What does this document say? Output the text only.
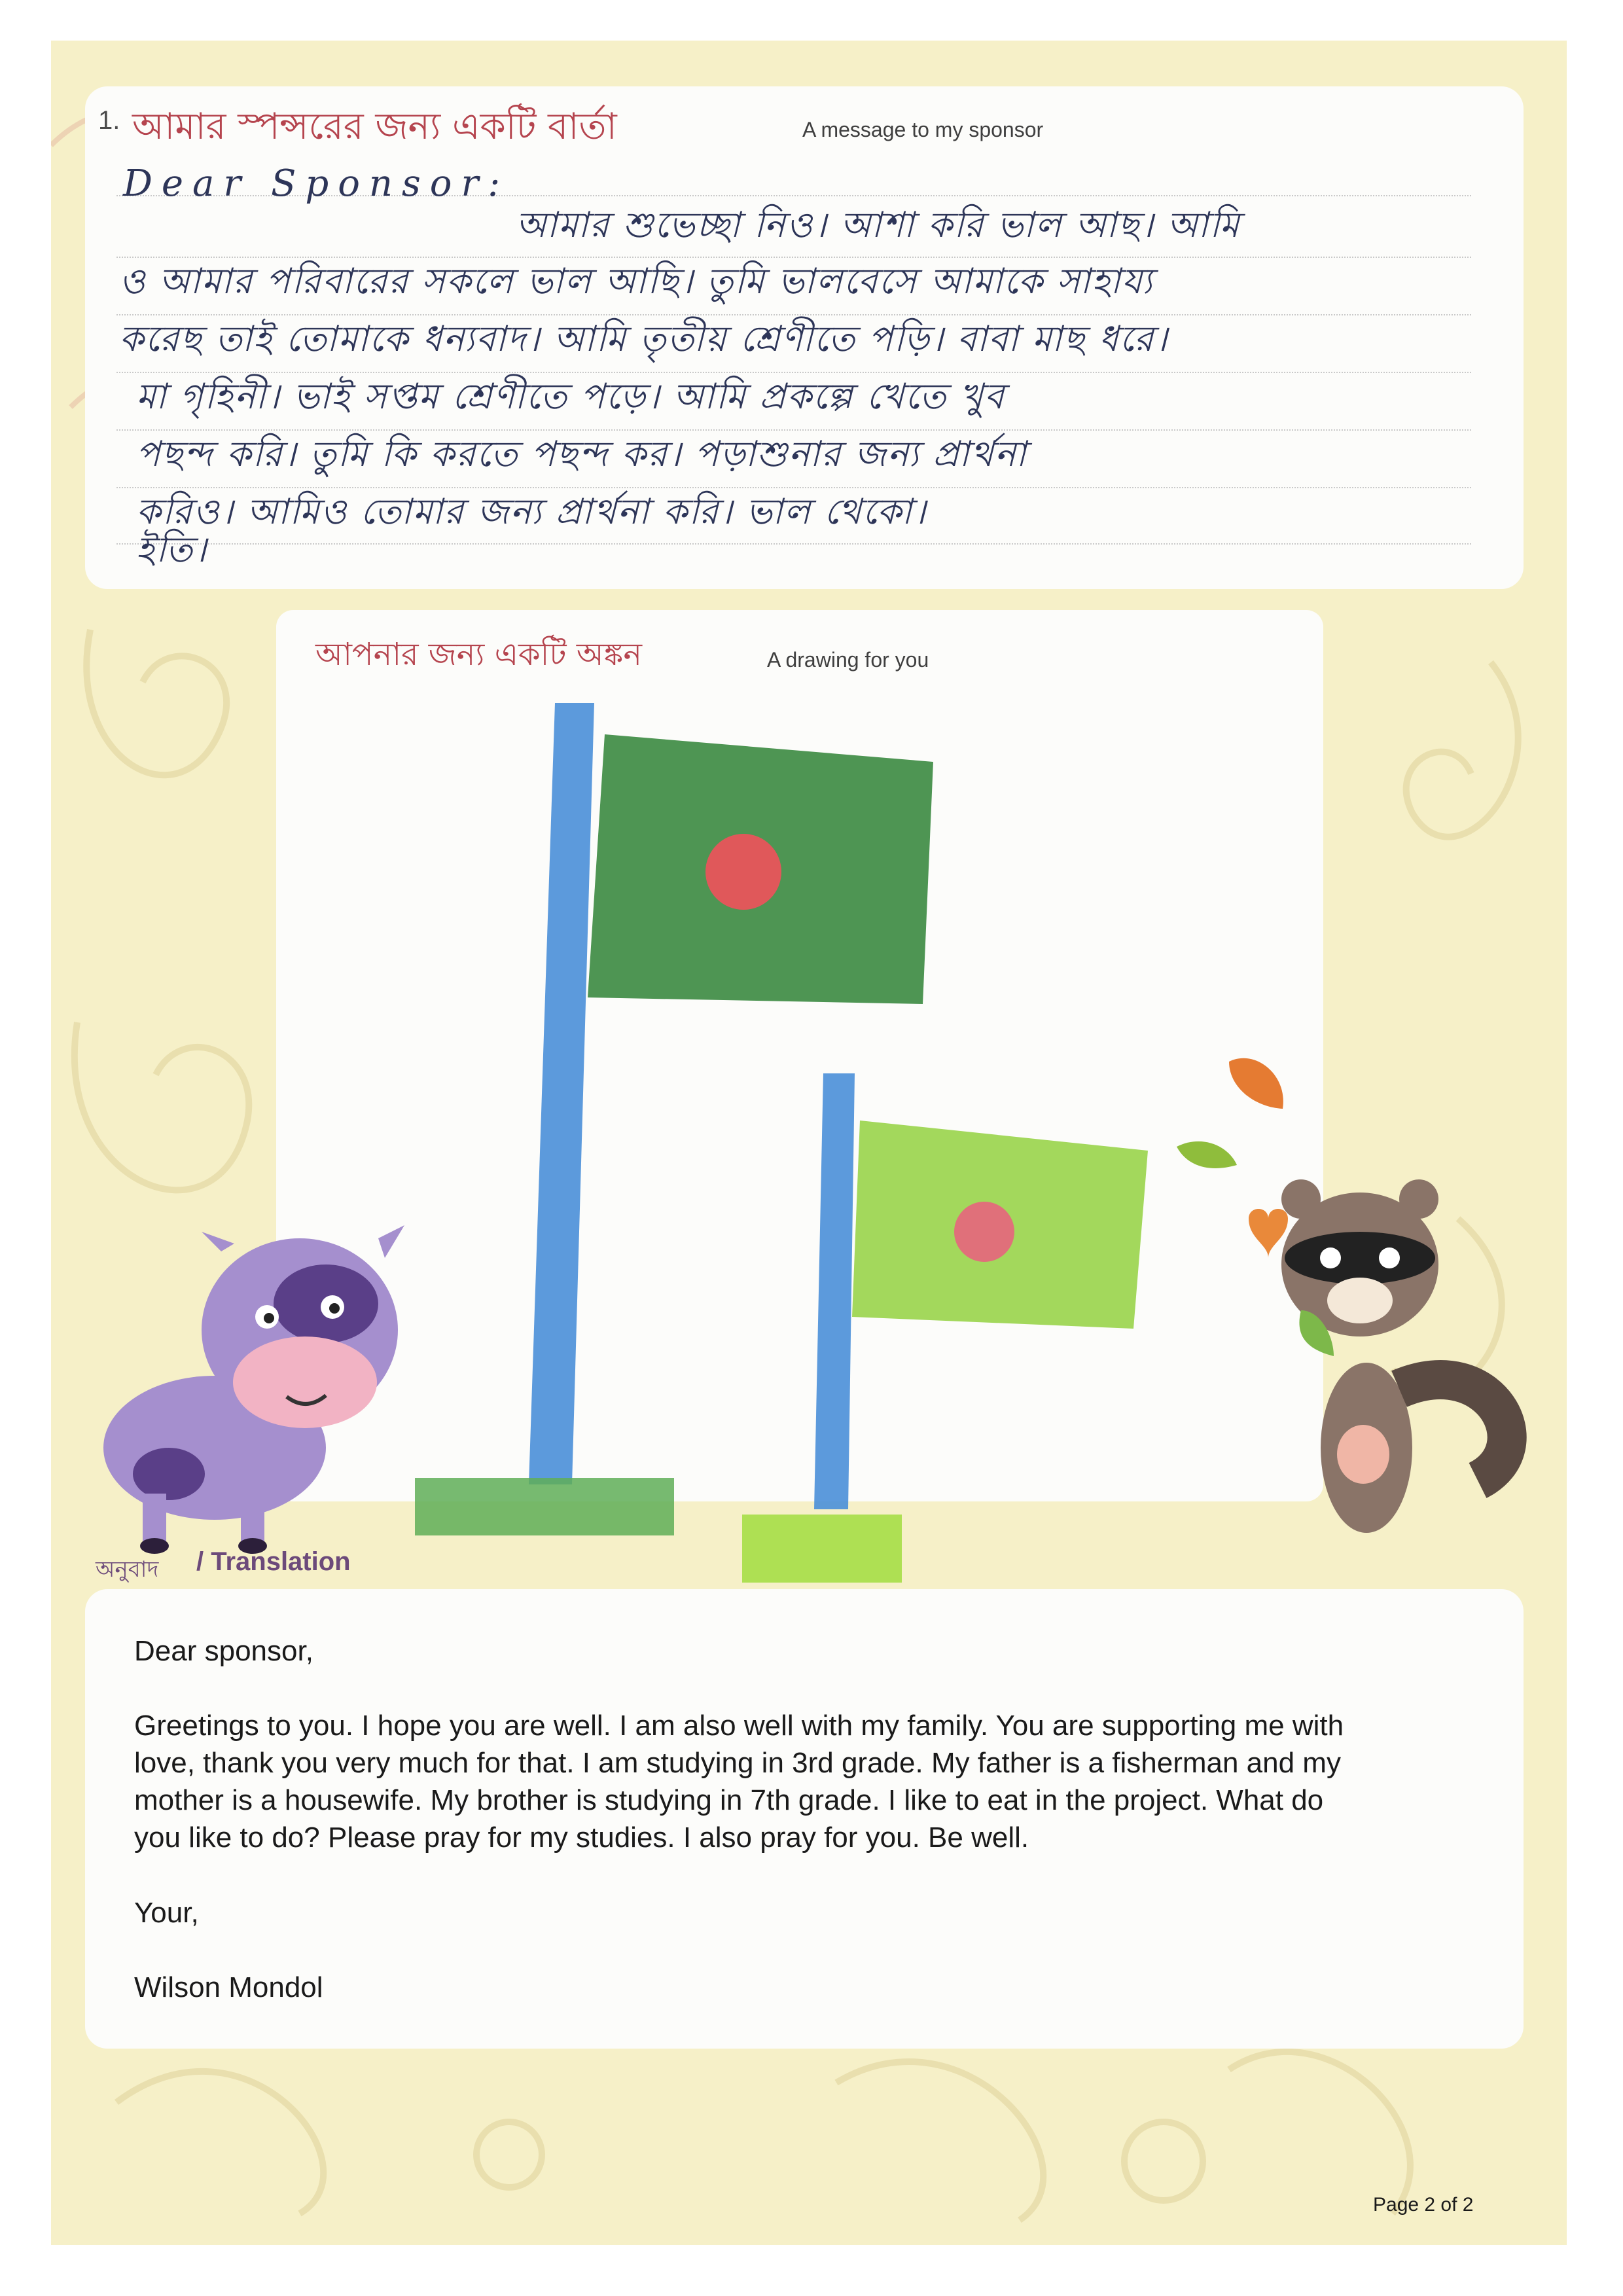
1. আমার স্পন্সরের জন্য একটি বার্তা	A message to my sponsor
Dear Sponsor:
আমার শুভেচ্ছা নিও। আশা করি ভাল আছ। আমি
ও আমার পরিবারের সকলে ভাল আছি। তুমি ভালবেসে আমাকে সাহায্য
করেছ তাই তোমাকে ধন্যবাদ। আমি তৃতীয় শ্রেণীতে পড়ি। বাবা মাছ ধরে।
মা গৃহিনী। ভাই সপ্তম শ্রেণীতে পড়ে। আমি প্রকল্পে খেতে খুব
পছন্দ করি। তুমি কি করতে পছন্দ কর। পড়াশুনার জন্য প্রার্থনা
করিও। আমিও তোমার জন্য প্রার্থনা করি। ভাল থেকো।
ইতি।
আপনার জন্য একটি অঙ্কন	A drawing for you
অনুবাদ / Translation
Dear sponsor,
Greetings to you. I hope you are well. I am also well with my family. You are supporting me with
love, thank you very much for that. I am studying in 3rd grade. My father is a fisherman and my
mother is a housewife. My brother is studying in 7th grade. I like to eat in the project. What do
you like to do? Please pray for my studies. I also pray for you. Be well.
Your,
Wilson Mondol
Page 2 of 2
